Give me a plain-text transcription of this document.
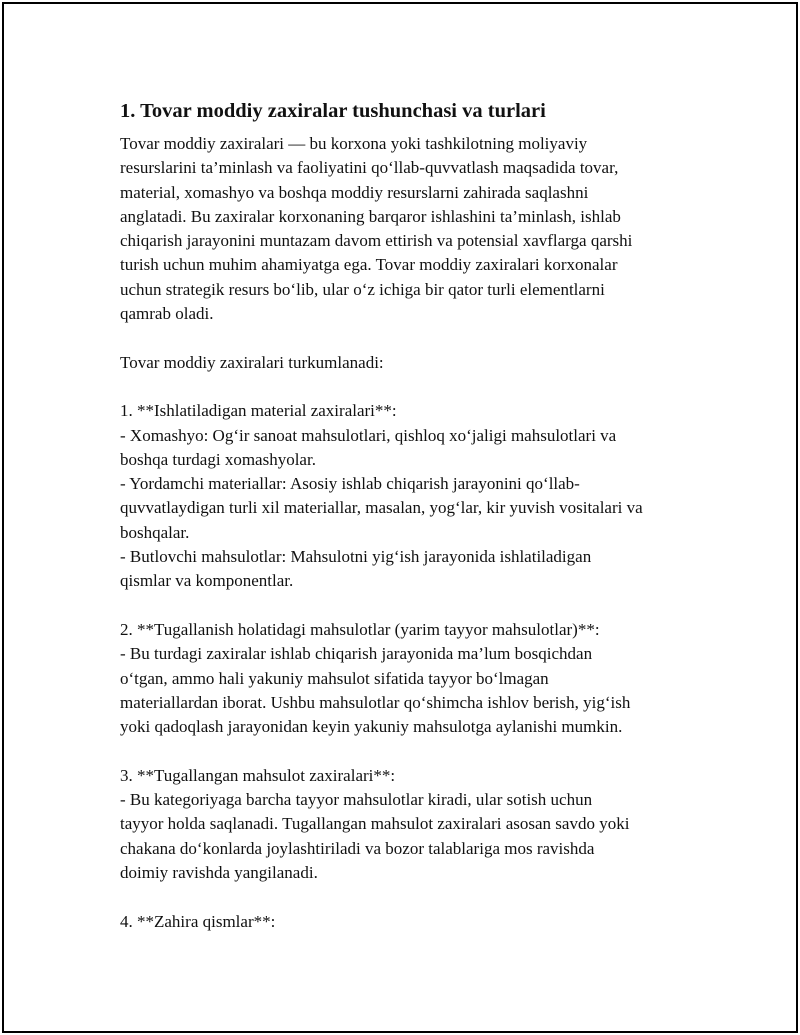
1. Tovar moddiy zaxiralar tushunchasi va turlari
Tovar moddiy zaxiralari — bu korxona yoki tashkilotning moliyaviy
resurslarini ta’minlash va faoliyatini qo‘llab-quvvatlash maqsadida tovar,
material, xomashyo va boshqa moddiy resurslarni zahirada saqlashni
anglatadi. Bu zaxiralar korxonaning barqaror ishlashini ta’minlash, ishlab
chiqarish jarayonini muntazam davom ettirish va potensial xavflarga qarshi
turish uchun muhim ahamiyatga ega. Tovar moddiy zaxiralari korxonalar
uchun strategik resurs bo‘lib, ular o‘z ichiga bir qator turli elementlarni
qamrab oladi.
Tovar moddiy zaxiralari turkumlanadi:
1. **Ishlatiladigan material zaxiralari**:
- Xomashyo: Og‘ir sanoat mahsulotlari, qishloq xo‘jaligi mahsulotlari va
boshqa turdagi xomashyolar.
- Yordamchi materiallar: Asosiy ishlab chiqarish jarayonini qo‘llab-
quvvatlaydigan turli xil materiallar, masalan, yog‘lar, kir yuvish vositalari va
boshqalar.
- Butlovchi mahsulotlar: Mahsulotni yig‘ish jarayonida ishlatiladigan
qismlar va komponentlar.
2. **Tugallanish holatidagi mahsulotlar (yarim tayyor mahsulotlar)**:
- Bu turdagi zaxiralar ishlab chiqarish jarayonida ma’lum bosqichdan
o‘tgan, ammo hali yakuniy mahsulot sifatida tayyor bo‘lmagan
materiallardan iborat. Ushbu mahsulotlar qo‘shimcha ishlov berish, yig‘ish
yoki qadoqlash jarayonidan keyin yakuniy mahsulotga aylanishi mumkin.
3. **Tugallangan mahsulot zaxiralari**:
- Bu kategoriyaga barcha tayyor mahsulotlar kiradi, ular sotish uchun
tayyor holda saqlanadi. Tugallangan mahsulot zaxiralari asosan savdo yoki
chakana do‘konlarda joylashtiriladi va bozor talablariga mos ravishda
doimiy ravishda yangilanadi.
4. **Zahira qismlar**:
